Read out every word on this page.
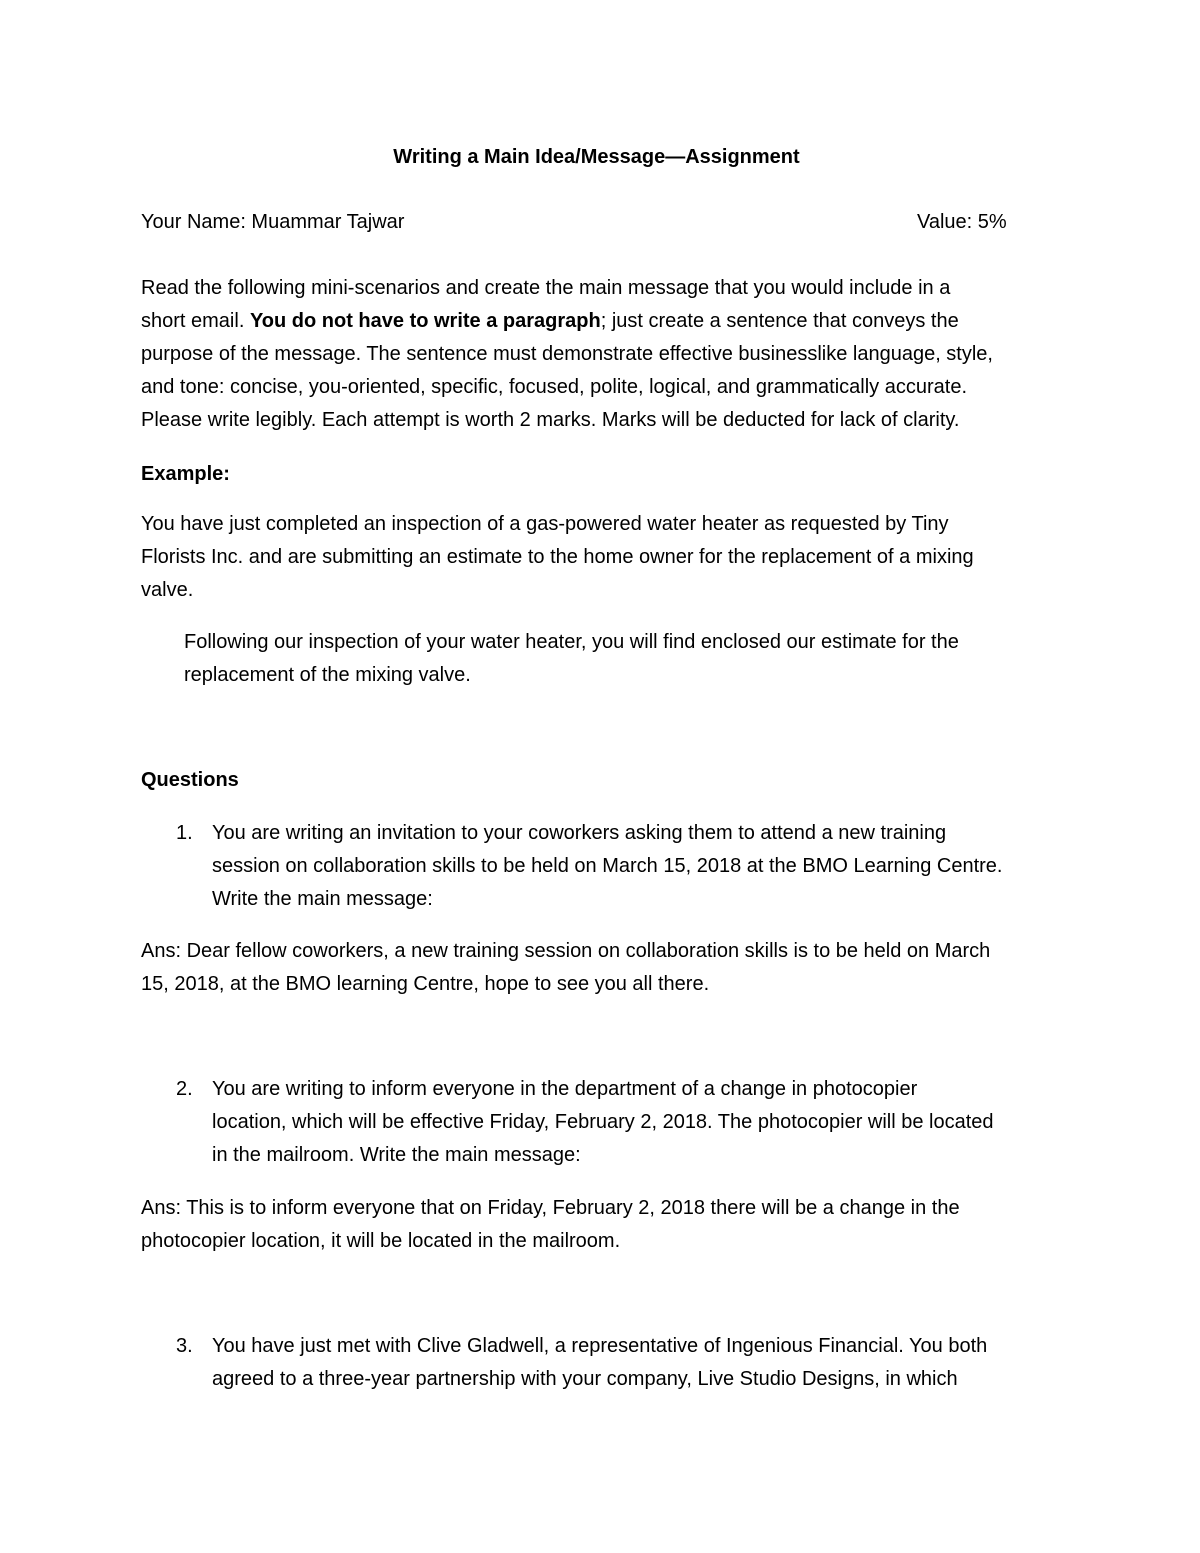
Writing a Main Idea/Message—Assignment
Your Name: Muammar Tajwar	Value: 5%
Read the following mini-scenarios and create the main message that you would include in a
short email. You do not have to write a paragraph; just create a sentence that conveys the
purpose of the message. The sentence must demonstrate effective businesslike language, style,
and tone: concise, you-oriented, specific, focused, polite, logical, and grammatically accurate.
Please write legibly. Each attempt is worth 2 marks. Marks will be deducted for lack of clarity.
Example:
You have just completed an inspection of a gas-powered water heater as requested by Tiny
Florists Inc. and are submitting an estimate to the home owner for the replacement of a mixing
valve.
Following our inspection of your water heater, you will find enclosed our estimate for the
replacement of the mixing valve.
Questions
1. You are writing an invitation to your coworkers asking them to attend a new training
session on collaboration skills to be held on March 15, 2018 at the BMO Learning Centre.
Write the main message:
Ans: Dear fellow coworkers, a new training session on collaboration skills is to be held on March
15, 2018, at the BMO learning Centre, hope to see you all there.
2. You are writing to inform everyone in the department of a change in photocopier
location, which will be effective Friday, February 2, 2018. The photocopier will be located
in the mailroom. Write the main message:
Ans: This is to inform everyone that on Friday, February 2, 2018 there will be a change in the
photocopier location, it will be located in the mailroom.
3. You have just met with Clive Gladwell, a representative of Ingenious Financial. You both
agreed to a three-year partnership with your company, Live Studio Designs, in which
